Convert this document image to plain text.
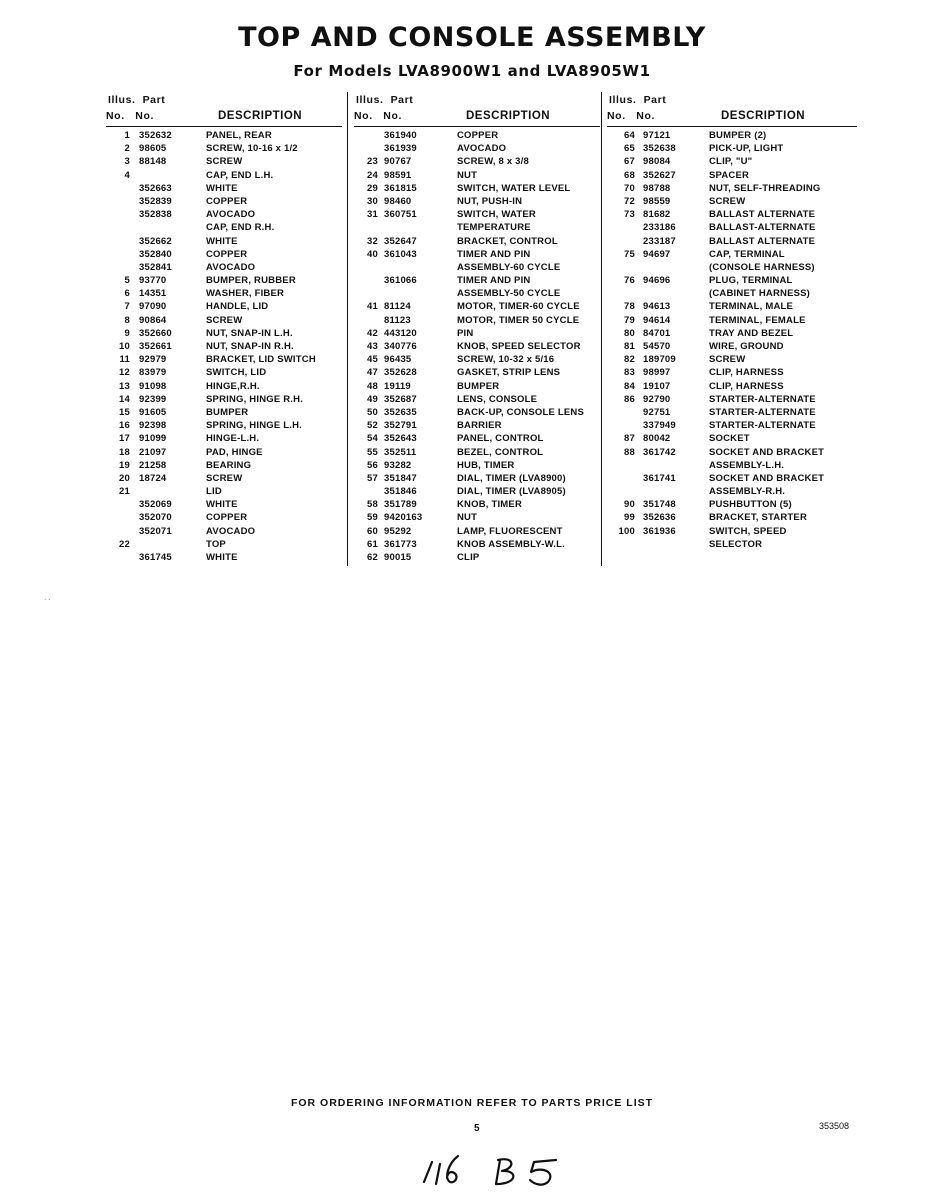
TOP AND CONSOLE ASSEMBLY
For Models LVA8900W1 and LVA8905W1
Illus. Part
No. No.	DESCRIPTION
1 352632	PANEL, REAR
2 98605	SCREW, 10-16 x 1/2
3 88148	SCREW
4	CAP, END L.H.
352663	WHITE
352839	COPPER
352838	AVOCADO
CAP, END R.H.
352662	WHITE
352840	COPPER
352841	AVOCADO
5 93770	BUMPER, RUBBER
6 14351	WASHER, FIBER
7 97090	HANDLE, LID
8 90864	SCREW
9 352660	NUT, SNAP-IN L.H.
10 352661	NUT, SNAP-IN R.H.
11 92979	BRACKET, LID SWITCH
12 83979	SWITCH, LID
13 91098	HINGE,R.H.
14 92399	SPRING, HINGE R.H.
15 91605	BUMPER
16 92398	SPRING, HINGE L.H.
17 91099	HINGE-L.H.
18 21097	PAD, HINGE
19 21258	BEARING
20 18724	SCREW
21	LID
352069	WHITE
352070	COPPER
352071	AVOCADO
22	TOP
361745	WHITE
Illus. Part
No. No.	DESCRIPTION
361940	COPPER
361939	AVOCADO
23 90767	SCREW, 8 x 3/8
24 98591	NUT
29 361815	SWITCH, WATER LEVEL
30 98460	NUT, PUSH-IN
31 360751	SWITCH, WATER
TEMPERATURE
32 352647	BRACKET, CONTROL
40 361043	TIMER AND PIN
ASSEMBLY-60 CYCLE
361066	TIMER AND PIN
ASSEMBLY-50 CYCLE
41 81124	MOTOR, TIMER-60 CYCLE
81123	MOTOR, TIMER 50 CYCLE
42 443120	PIN
43 340776	KNOB, SPEED SELECTOR
45 96435	SCREW, 10-32 x 5/16
47 352628	GASKET, STRIP LENS
48 19119	BUMPER
49 352687	LENS, CONSOLE
50 352635	BACK-UP, CONSOLE LENS
52 352791	BARRIER
54 352643	PANEL, CONTROL
55 352511	BEZEL, CONTROL
56 93282	HUB, TIMER
57 351847	DIAL, TIMER (LVA8900)
351846	DIAL, TIMER (LVA8905)
58 351789	KNOB, TIMER
59 9420163	NUT
60 95292	LAMP, FLUORESCENT
61 361773	KNOB ASSEMBLY-W.L.
62 90015	CLIP
Illus. Part
No. No.	DESCRIPTION
64 97121	BUMPER (2)
65 352638	PICK-UP, LIGHT
67 98084	CLIP, "U"
68 352627	SPACER
70 98788	NUT, SELF-THREADING
72 98559	SCREW
73 81682	BALLAST ALTERNATE
233186	BALLAST-ALTERNATE
233187	BALLAST ALTERNATE
75 94697	CAP, TERMINAL
(CONSOLE HARNESS)
76 94696	PLUG, TERMINAL
(CABINET HARNESS)
78 94613	TERMINAL, MALE
79 94614	TERMINAL, FEMALE
80 84701	TRAY AND BEZEL
81 54570	WIRE, GROUND
82 189709	SCREW
83 98997	CLIP, HARNESS
84 19107	CLIP, HARNESS
86 92790	STARTER-ALTERNATE
92751	STARTER-ALTERNATE
337949	STARTER-ALTERNATE
87 80042	SOCKET
88 361742	SOCKET AND BRACKET
ASSEMBLY-L.H.
361741	SOCKET AND BRACKET
ASSEMBLY-R.H.
90 351748	PUSHBUTTON (5)
99 352636	BRACKET, STARTER
100 361936	SWITCH, SPEED
SELECTOR
· ·
FOR ORDERING INFORMATION REFER TO PARTS PRICE LIST
5	353508
